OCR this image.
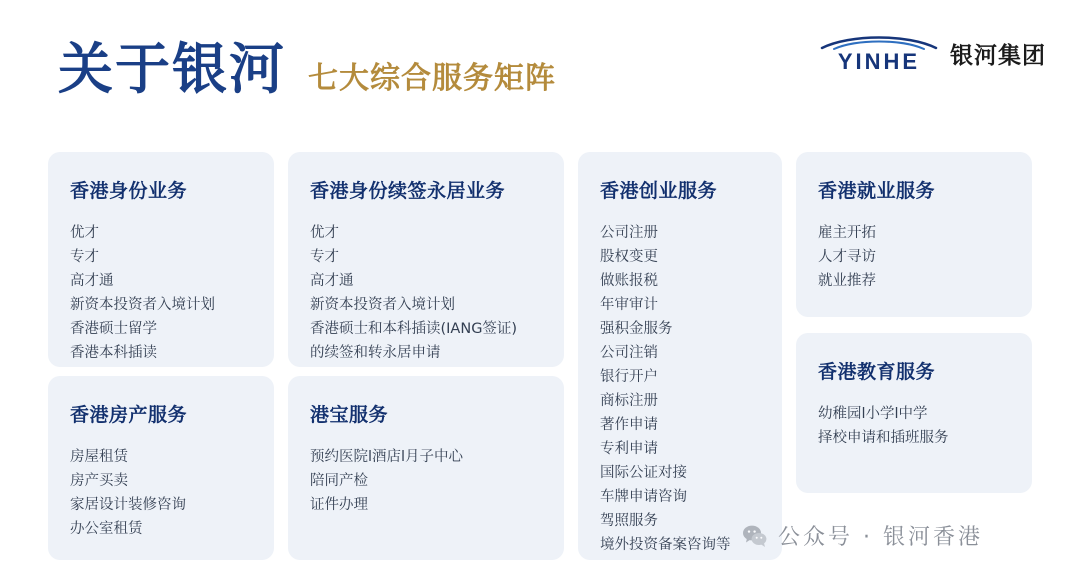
关于银河 七大综合服务矩阵	YINHE 银河集团
香港身份业务
优才
专才
高才通
新资本投资者入境计划
香港硕士留学
香港本科插读
香港身份续签永居业务
优才
专才
高才通
新资本投资者入境计划
香港硕士和本科插读(IANG签证)
的续签和转永居申请
香港创业服务
公司注册
股权变更
做账报税
年审审计
强积金服务
公司注销
银行开户
商标注册
著作申请
专利申请
国际公证对接
车牌申请咨询
驾照服务
境外投资备案咨询等
香港就业服务
雇主开拓
人才寻访
就业推荐
香港教育服务
幼稚园l小学l中学
择校申请和插班服务
香港房产服务
房屋租赁
房产买卖
家居设计装修咨询
办公室租赁
港宝服务
预约医院l酒店l月子中心
陪同产检
证件办理
公众号 · 银河香港
